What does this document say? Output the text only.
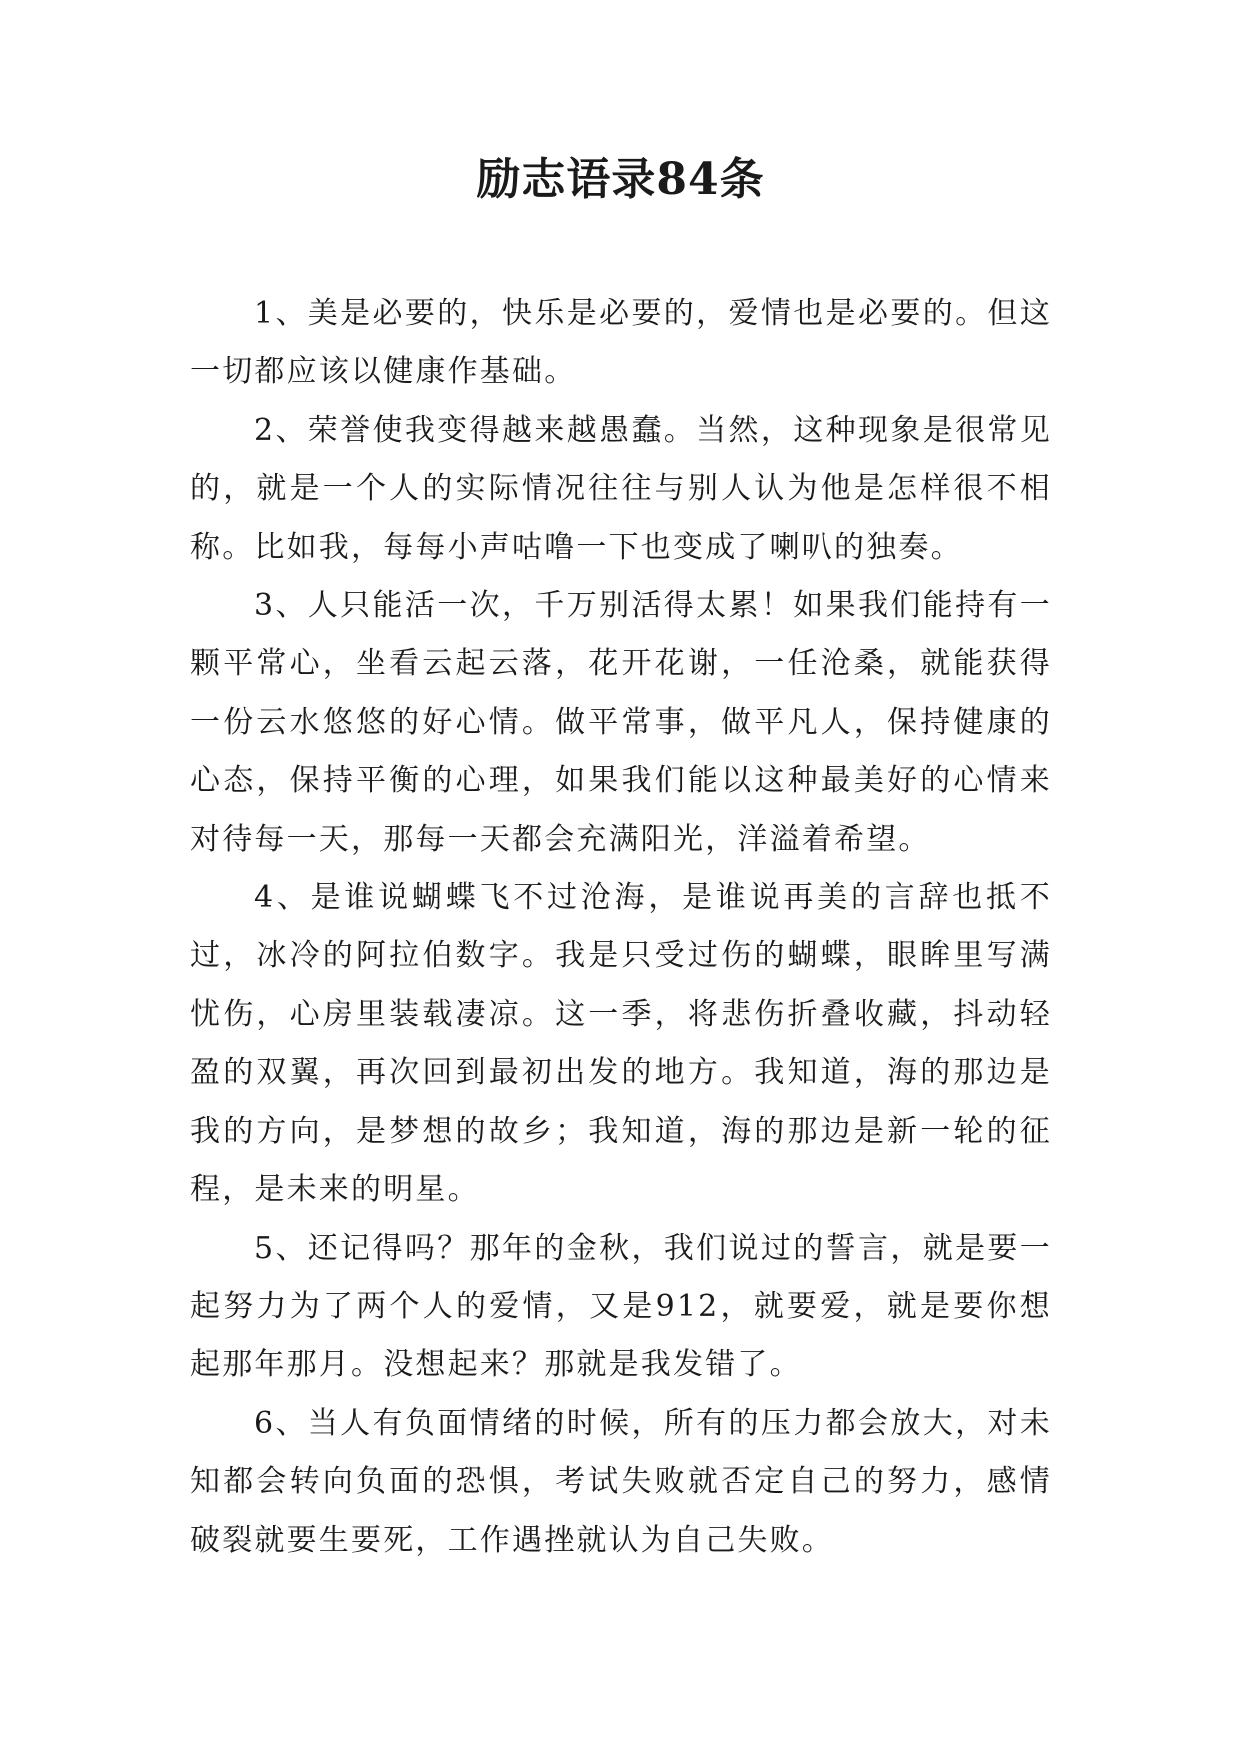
励志语录84条

1、美是必要的，快乐是必要的，爱情也是必要的。但这一切都应该以健康作基础。

2、荣誉使我变得越来越愚蠢。当然，这种现象是很常见的，就是一个人的实际情况往往与别人认为他是怎样很不相称。比如我，每每小声咕噜一下也变成了喇叭的独奏。

3、人只能活一次，千万别活得太累！如果我们能持有一颗平常心，坐看云起云落，花开花谢，一任沧桑，就能获得一份云水悠悠的好心情。做平常事，做平凡人，保持健康的心态，保持平衡的心理，如果我们能以这种最美好的心情来对待每一天，那每一天都会充满阳光，洋溢着希望。

4、是谁说蝴蝶飞不过沧海，是谁说再美的言辞也抵不过，冰冷的阿拉伯数字。我是只受过伤的蝴蝶，眼眸里写满忧伤，心房里装载凄凉。这一季，将悲伤折叠收藏，抖动轻盈的双翼，再次回到最初出发的地方。我知道，海的那边是我的方向，是梦想的故乡；我知道，海的那边是新一轮的征程，是未来的明星。

5、还记得吗？那年的金秋，我们说过的誓言，就是要一起努力为了两个人的爱情，又是912，就要爱，就是要你想起那年那月。没想起来？那就是我发错了。

6、当人有负面情绪的时候，所有的压力都会放大，对未知都会转向负面的恐惧，考试失败就否定自己的努力，感情破裂就要生要死，工作遇挫就认为自己失败。
